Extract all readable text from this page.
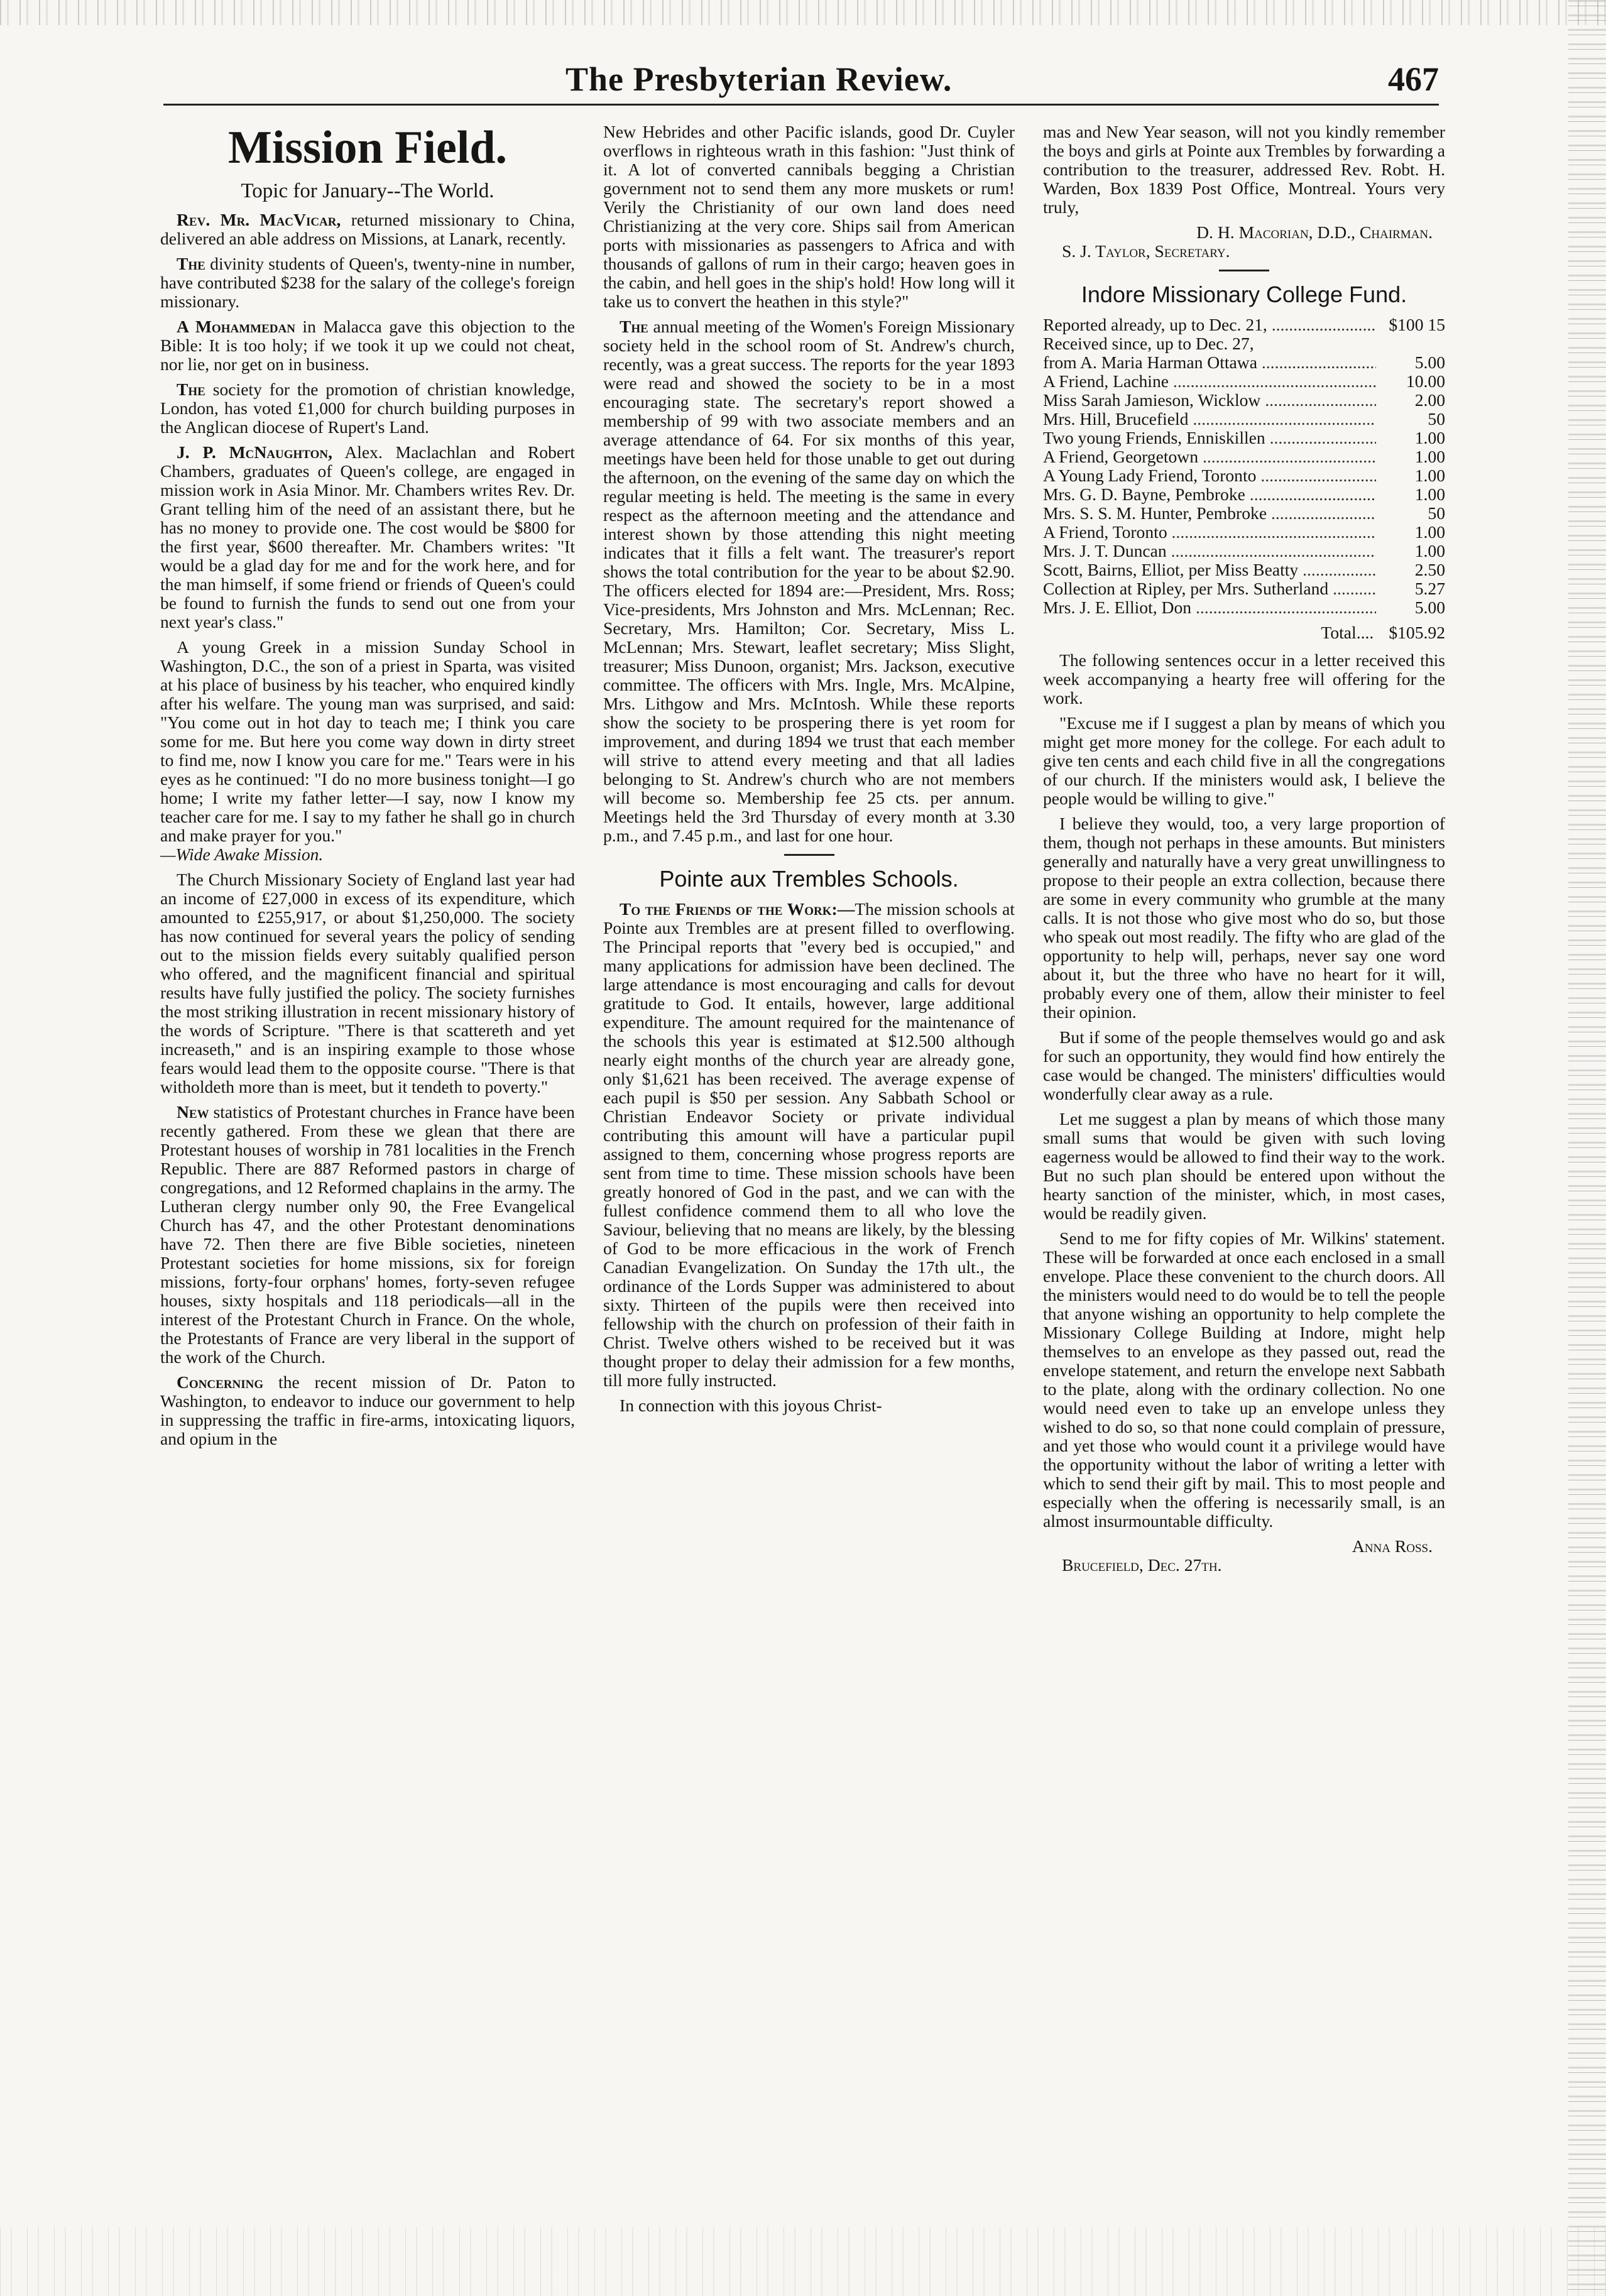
The Presbyterian Review.	467
Mission Field.
Topic for January--The World.

Rev. Mr. MacVicar, returned missionary to China, delivered an able address on Missions, at Lanark, recently.

The divinity students of Queen's, twenty-nine in number, have contributed $238 for the salary of the college's foreign missionary.

A Mohammedan in Malacca gave this objection to the Bible: It is too holy; if we took it up we could not cheat, nor lie, nor get on in business.

The society for the promotion of christian knowledge, London, has voted £1,000 for church building purposes in the Anglican diocese of Rupert's Land.

J. P. McNaughton, Alex. Maclachlan and Robert Chambers, graduates of Queen's college, are engaged in mission work in Asia Minor. Mr. Chambers writes Rev. Dr. Grant telling him of the need of an assistant there, but he has no money to provide one. The cost would be $800 for the first year, $600 thereafter. Mr. Chambers writes: "It would be a glad day for me and for the work here, and for the man himself, if some friend or friends of Queen's could be found to furnish the funds to send out one from your next year's class."

A young Greek in a mission Sunday School in Washington, D.C., the son of a priest in Sparta, was visited at his place of business by his teacher, who enquired kindly after his welfare. The young man was surprised, and said: "You come out in hot day to teach me; I think you care some for me. But here you come way down in dirty street to find me, now I know you care for me." Tears were in his eyes as he continued: "I do no more business tonight—I go home; I write my father letter—I say, now I know my teacher care for me. I say to my father he shall go in church and make prayer for you."
—Wide Awake Mission.

The Church Missionary Society of England last year had an income of £27,000 in excess of its expenditure, which amounted to £255,917, or about $1,250,000. The society has now continued for several years the policy of sending out to the mission fields every suitably qualified person who offered, and the magnificent financial and spiritual results have fully justified the policy. The society furnishes the most striking illustration in recent missionary history of the words of Scripture. "There is that scattereth and yet increaseth," and is an inspiring example to those whose fears would lead them to the opposite course. "There is that witholdeth more than is meet, but it tendeth to poverty."

New statistics of Protestant churches in France have been recently gathered. From these we glean that there are Protestant houses of worship in 781 localities in the French Republic. There are 887 Reformed pastors in charge of congregations, and 12 Reformed chaplains in the army. The Lutheran clergy number only 90, the Free Evangelical Church has 47, and the other Protestant denominations have 72. Then there are five Bible societies, nineteen Protestant societies for home missions, six for foreign missions, forty-four orphans' homes, forty-seven refugee houses, sixty hospitals and 118 periodicals—all in the interest of the Protestant Church in France. On the whole, the Protestants of France are very liberal in the support of the work of the Church.

Concerning the recent mission of Dr. Paton to Washington, to endeavor to induce our government to help in suppressing the traffic in fire-arms, intoxicating liquors, and opium in the

New Hebrides and other Pacific islands, good Dr. Cuyler overflows in righteous wrath in this fashion: "Just think of it. A lot of converted cannibals begging a Christian government not to send them any more muskets or rum! Verily the Christianity of our own land does need Christianizing at the very core. Ships sail from American ports with missionaries as passengers to Africa and with thousands of gallons of rum in their cargo; heaven goes in the cabin, and hell goes in the ship's hold! How long will it take us to convert the heathen in this style?"

The annual meeting of the Women's Foreign Missionary society held in the school room of St. Andrew's church, recently, was a great success. The reports for the year 1893 were read and showed the society to be in a most encouraging state. The secretary's report showed a membership of 99 with two associate members and an average attendance of 64. For six months of this year, meetings have been held for those unable to get out during the afternoon, on the evening of the same day on which the regular meeting is held. The meeting is the same in every respect as the afternoon meeting and the attendance and interest shown by those attending this night meeting indicates that it fills a felt want. The treasurer's report shows the total contribution for the year to be about $2.90. The officers elected for 1894 are:—President, Mrs. Ross; Vice-presidents, Mrs Johnston and Mrs. McLennan; Rec. Secretary, Mrs. Hamilton; Cor. Secretary, Miss L. McLennan; Mrs. Stewart, leaflet secretary; Miss Slight, treasurer; Miss Dunoon, organist; Mrs. Jackson, executive committee. The officers with Mrs. Ingle, Mrs. McAlpine, Mrs. Lithgow and Mrs. McIntosh. While these reports show the society to be prospering there is yet room for improvement, and during 1894 we trust that each member will strive to attend every meeting and that all ladies belonging to St. Andrew's church who are not members will become so. Membership fee 25 cts. per annum. Meetings held the 3rd Thursday of every month at 3.30 p.m., and 7.45 p.m., and last for one hour.

Pointe aux Trembles Schools.

To the Friends of the Work:—The mission schools at Pointe aux Trembles are at present filled to overflowing. The Principal reports that "every bed is occupied," and many applications for admission have been declined. The large attendance is most encouraging and calls for devout gratitude to God. It entails, however, large additional expenditure. The amount required for the maintenance of the schools this year is estimated at $12.500 although nearly eight months of the church year are already gone, only $1,621 has been received. The average expense of each pupil is $50 per session. Any Sabbath School or Christian Endeavor Society or private individual contributing this amount will have a particular pupil assigned to them, concerning whose progress reports are sent from time to time. These mission schools have been greatly honored of God in the past, and we can with the fullest confidence commend them to all who love the Saviour, believing that no means are likely, by the blessing of God to be more efficacious in the work of French Canadian Evangelization. On Sunday the 17th ult., the ordinance of the Lords Supper was administered to about sixty. Thirteen of the pupils were then received into fellowship with the church on profession of their faith in Christ. Twelve others wished to be received but it was thought proper to delay their admission for a few months, till more fully instructed.

In connection with this joyous Christ-

mas and New Year season, will not you kindly remember the boys and girls at Pointe aux Trembles by forwarding a contribution to the treasurer, addressed Rev. Robt. H. Warden, Box 1839 Post Office, Montreal. Yours very truly,

D. H. Macorian, D.D., Chairman.
S. J. Taylor, Secretary.
Indore Missionary College Fund.
Reported already, up to Dec. 21, .....	$100 15
Received since, up to Dec. 27,
from A. Maria Harman Ottawa .....	5.00
A Friend, Lachine .....	10.00
Miss Sarah Jamieson, Wicklow .....	2.00
Mrs. Hill, Brucefield .....	50
Two young Friends, Enniskillen .....	1.00
A Friend, Georgetown .....	1.00
A Young Lady Friend, Toronto .....	1.00
Mrs. G. D. Bayne, Pembroke .....	1.00
Mrs. S. S. M. Hunter, Pembroke .....	50
A Friend, Toronto .....	1.00
Mrs. J. T. Duncan .....	1.00
Scott, Bairns, Elliot, per Miss Beatty .....	2.50
Collection at Ripley, per Mrs. Sutherland .....	5.27
Mrs. J. E. Elliot, Don .....	5.00
Total.... $105.92

The following sentences occur in a letter received this week accompanying a hearty free will offering for the work.

"Excuse me if I suggest a plan by means of which you might get more money for the college. For each adult to give ten cents and each child five in all the congregations of our church. If the ministers would ask, I believe the people would be willing to give."

I believe they would, too, a very large proportion of them, though not perhaps in these amounts. But ministers generally and naturally have a very great unwillingness to propose to their people an extra collection, because there are some in every community who grumble at the many calls. It is not those who give most who do so, but those who speak out most readily. The fifty who are glad of the opportunity to help will, perhaps, never say one word about it, but the three who have no heart for it will, probably every one of them, allow their minister to feel their opinion.

But if some of the people themselves would go and ask for such an opportunity, they would find how entirely the case would be changed. The ministers' difficulties would wonderfully clear away as a rule.

Let me suggest a plan by means of which those many small sums that would be given with such loving eagerness would be allowed to find their way to the work. But no such plan should be entered upon without the hearty sanction of the minister, which, in most cases, would be readily given.

Send to me for fifty copies of Mr. Wilkins' statement. These will be forwarded at once each enclosed in a small envelope. Place these convenient to the church doors. All the ministers would need to do would be to tell the people that anyone wishing an opportunity to help complete the Missionary College Building at Indore, might help themselves to an envelope as they passed out, read the envelope statement, and return the envelope next Sabbath to the plate, along with the ordinary collection. No one would need even to take up an envelope unless they wished to do so, so that none could complain of pressure, and yet those who would count it a privilege would have the opportunity without the labor of writing a letter with which to send their gift by mail. This to most people and especially when the offering is necessarily small, is an almost insurmountable difficulty.

Anna Ross.
Brucefield, Dec. 27th.
